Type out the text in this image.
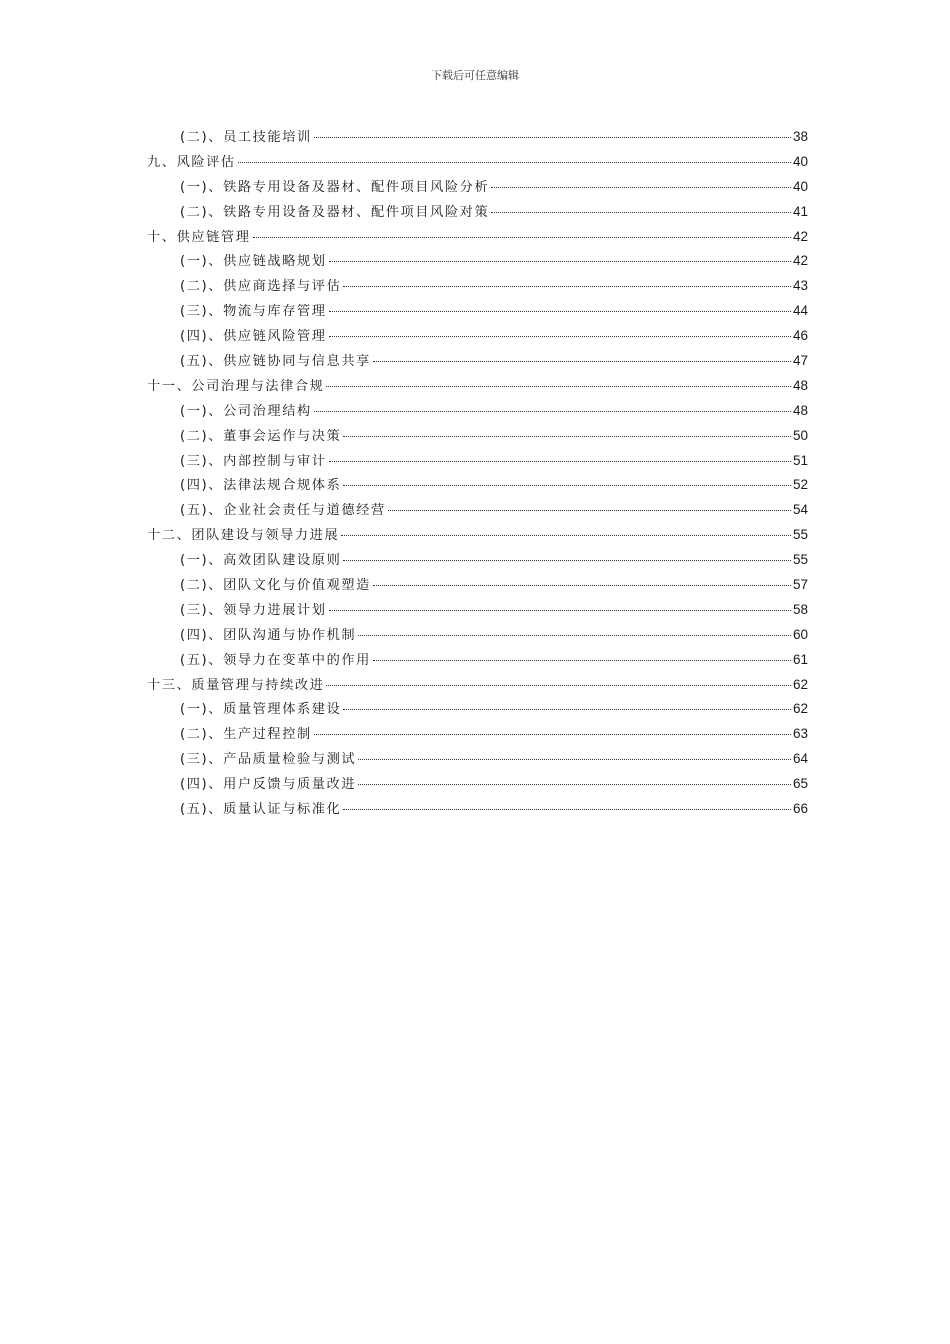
下载后可任意编辑
(二)、员工技能培训	38
九、风险评估	40
(一)、铁路专用设备及器材、配件项目风险分析	40
(二)、铁路专用设备及器材、配件项目风险对策	41
十、供应链管理	42
(一)、供应链战略规划	42
(二)、供应商选择与评估	43
(三)、物流与库存管理	44
(四)、供应链风险管理	46
(五)、供应链协同与信息共享	47
十一、公司治理与法律合规	48
(一)、公司治理结构	48
(二)、董事会运作与决策	50
(三)、内部控制与审计	51
(四)、法律法规合规体系	52
(五)、企业社会责任与道德经营	54
十二、团队建设与领导力进展	55
(一)、高效团队建设原则	55
(二)、团队文化与价值观塑造	57
(三)、领导力进展计划	58
(四)、团队沟通与协作机制	60
(五)、领导力在变革中的作用	61
十三、质量管理与持续改进	62
(一)、质量管理体系建设	62
(二)、生产过程控制	63
(三)、产品质量检验与测试	64
(四)、用户反馈与质量改进	65
(五)、质量认证与标准化	66
